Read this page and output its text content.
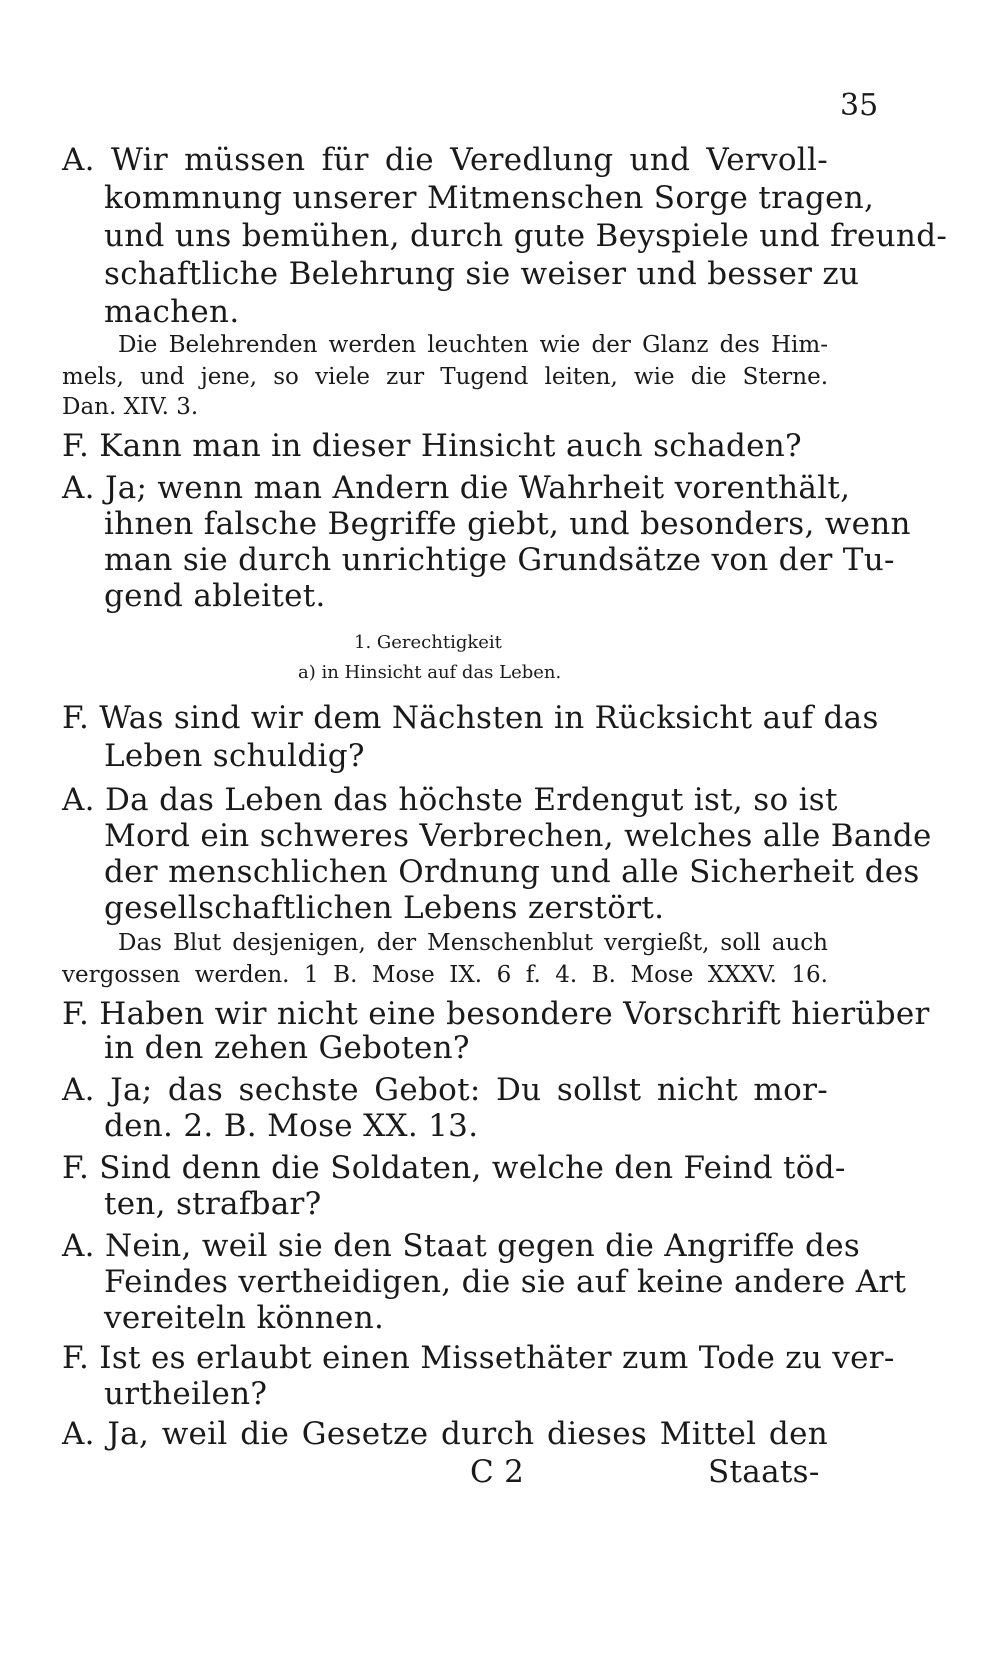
35
A. Wir müssen für die Veredlung und Vervoll-
kommnung unserer Mitmenschen Sorge tragen,
und uns bemühen, durch gute Beyspiele und freund-
schaftliche Belehrung sie weiser und besser zu
machen.
Die Belehrenden werden leuchten wie der Glanz des Him-
mels, und jene, so viele zur Tugend leiten, wie die Sterne.
Dan. XIV. 3.
F. Kann man in dieser Hinsicht auch schaden?
A. Ja; wenn man Andern die Wahrheit vorenthält,
ihnen falsche Begriffe giebt, und besonders, wenn
man sie durch unrichtige Grundsätze von der Tu-
gend ableitet.
1. Gerechtigkeit
a) in Hinsicht auf das Leben.
F. Was sind wir dem Nächsten in Rücksicht auf das
Leben schuldig?
A. Da das Leben das höchste Erdengut ist, so ist
Mord ein schweres Verbrechen, welches alle Bande
der menschlichen Ordnung und alle Sicherheit des
gesellschaftlichen Lebens zerstört.
Das Blut desjenigen, der Menschenblut vergießt, soll auch
vergossen werden. 1 B. Mose IX. 6 f. 4. B. Mose XXXV. 16.
F. Haben wir nicht eine besondere Vorschrift hierüber
in den zehen Geboten?
A. Ja; das sechste Gebot: Du sollst nicht mor-
den. 2. B. Mose XX. 13.
F. Sind denn die Soldaten, welche den Feind töd-
ten, strafbar?
A. Nein, weil sie den Staat gegen die Angriffe des
Feindes vertheidigen, die sie auf keine andere Art
vereiteln können.
F. Ist es erlaubt einen Missethäter zum Tode zu ver-
urtheilen?
A. Ja, weil die Gesetze durch dieses Mittel den
C 2	Staats-
